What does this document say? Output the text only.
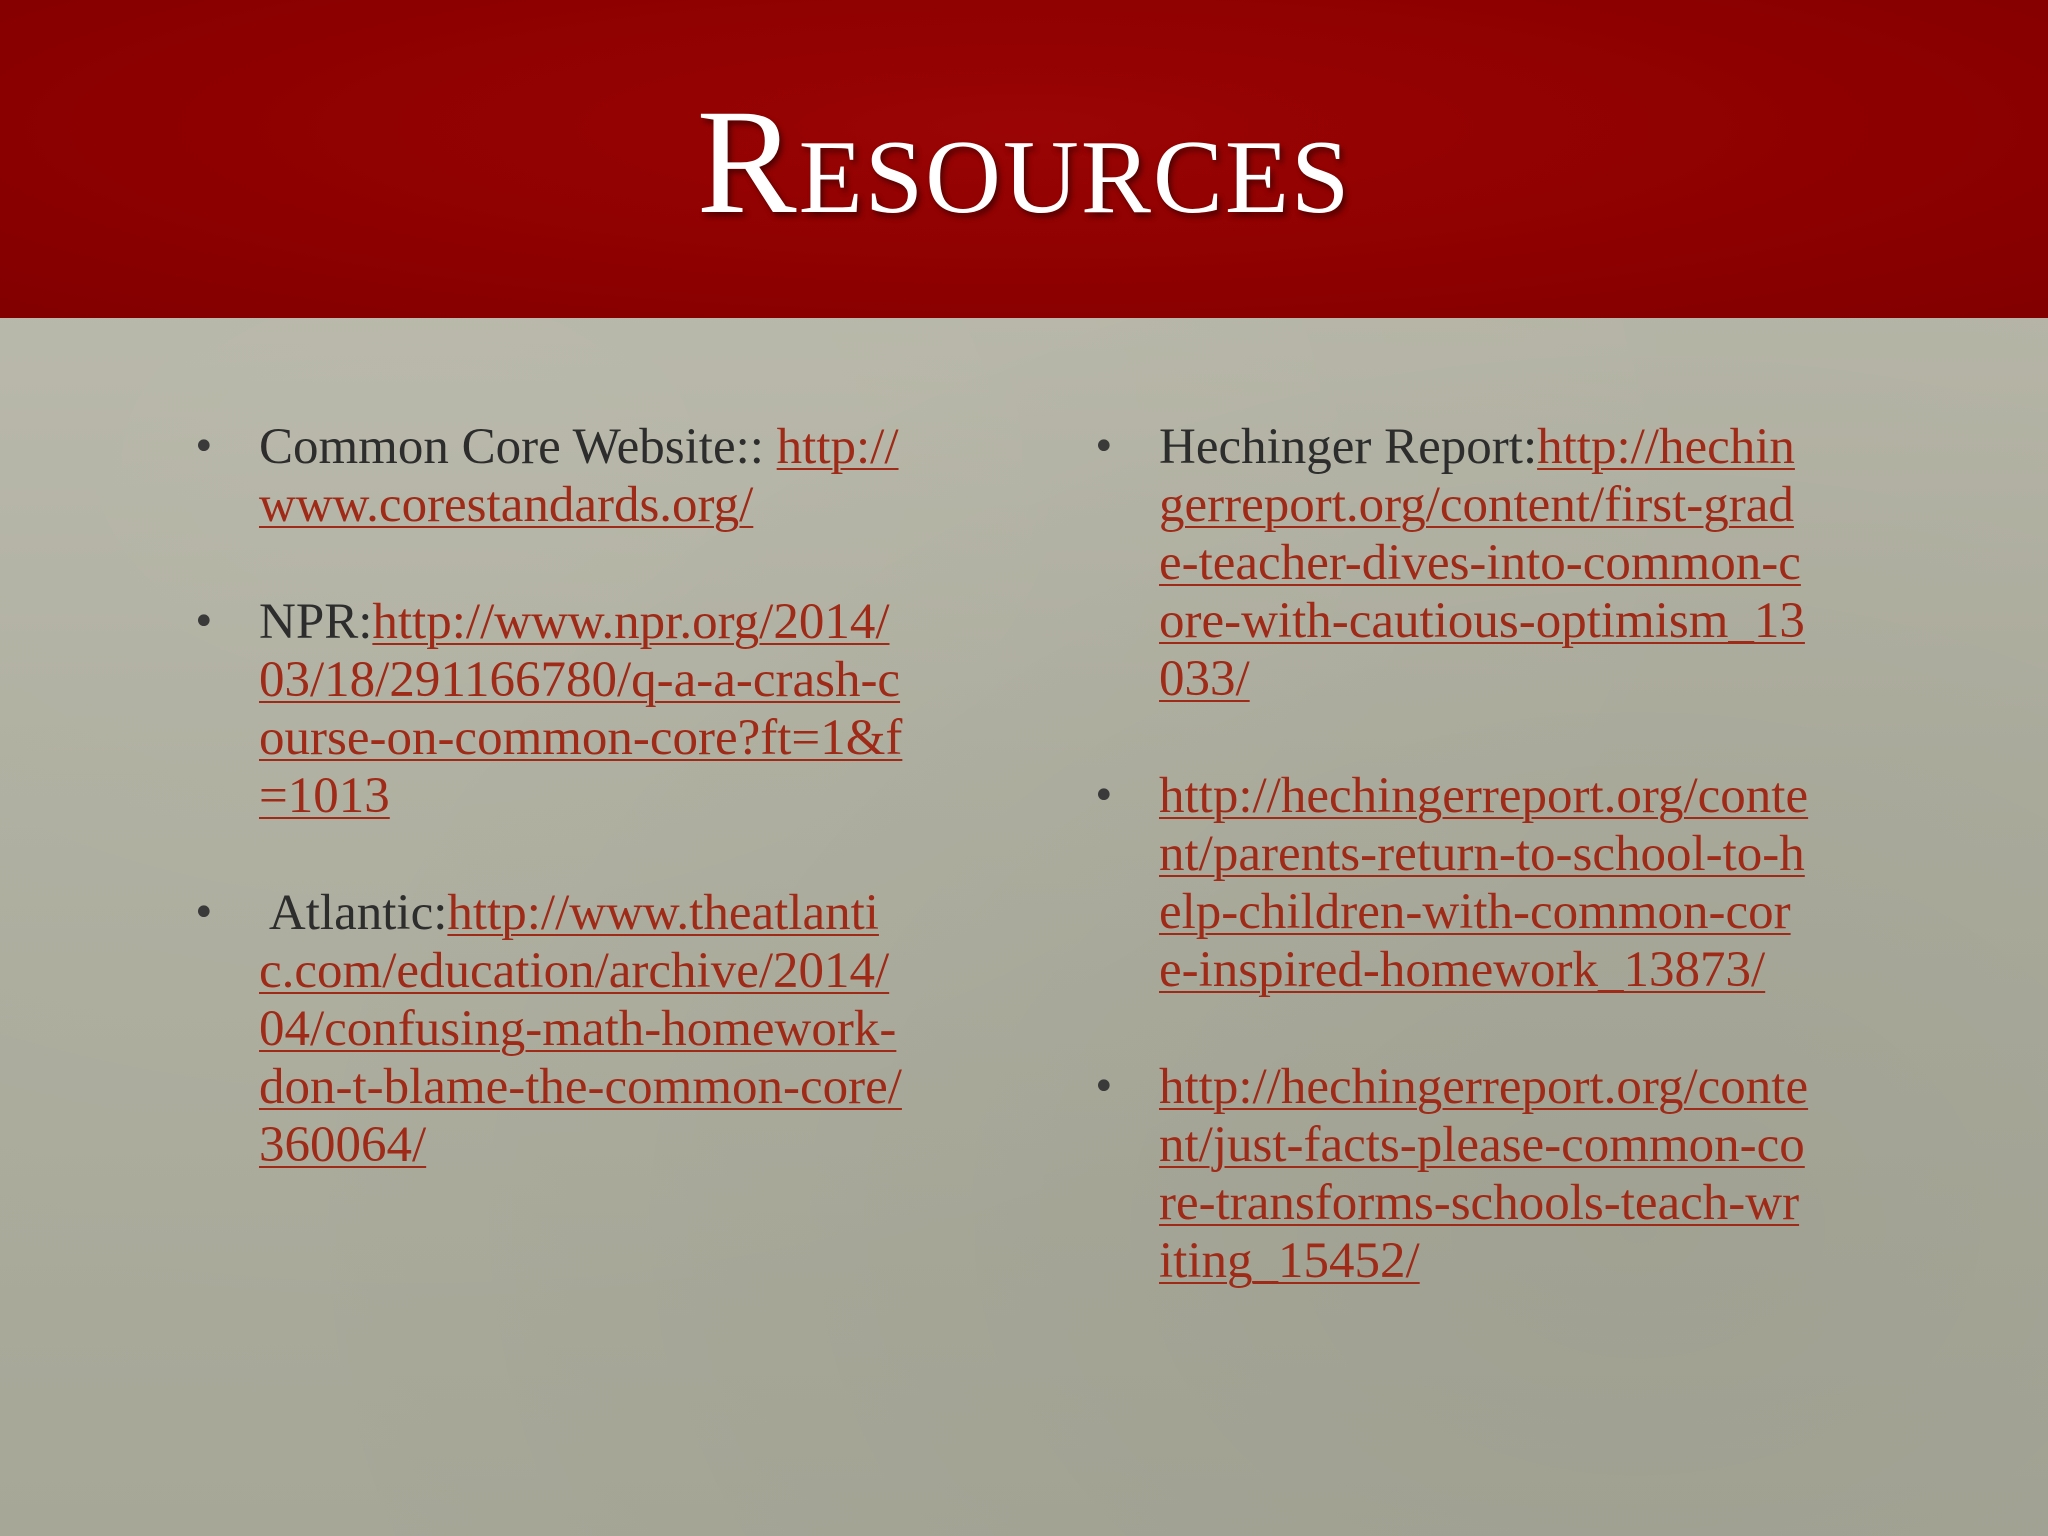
Resources
• Common Core Website:: http://www.corestandards.org/
• NPR:http://www.npr.org/2014/03/18/291166780/q-a-a-crash-course-on-common-core?ft=1&f=1013
• Atlantic:http://www.theatlantic.com/education/archive/2014/04/confusing-math-homework-don-t-blame-the-common-core/360064/
• Hechinger Report:http://hechingerreport.org/content/first-grade-teacher-dives-into-common-core-with-cautious-optimism_13033/
• http://hechingerreport.org/content/parents-return-to-school-to-help-children-with-common-core-inspired-homework_13873/
• http://hechingerreport.org/content/just-facts-please-common-core-transforms-schools-teach-writing_15452/
